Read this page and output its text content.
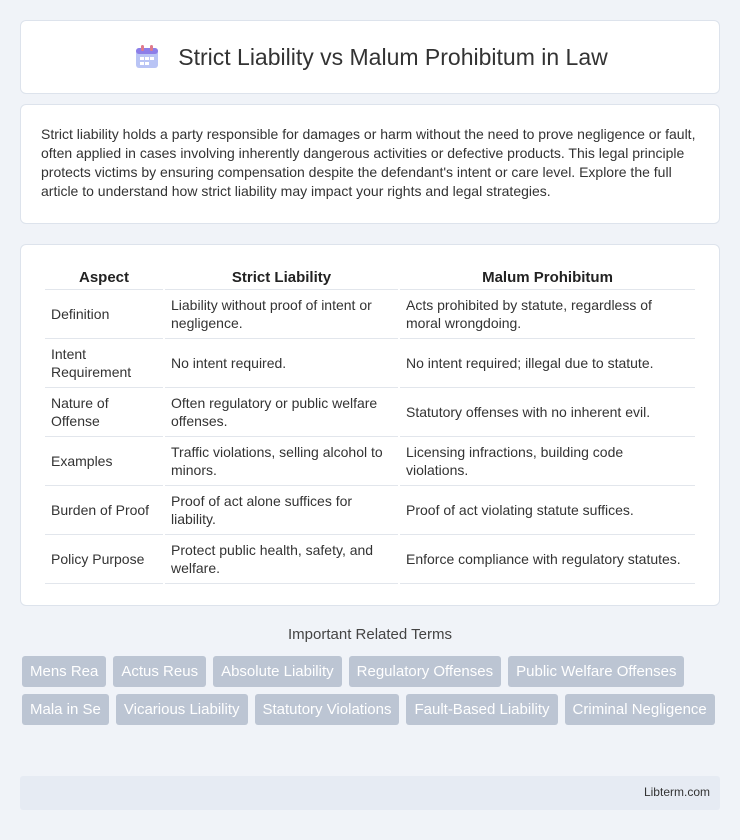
Strict Liability vs Malum Prohibitum in Law

Strict liability holds a party responsible for damages or harm without the need to prove negligence or fault, often applied in cases involving inherently dangerous activities or defective products. This legal principle protects victims by ensuring compensation despite the defendant's intent or care level. Explore the full article to understand how strict liability may impact your rights and legal strategies.

Aspect	Strict Liability	Malum Prohibitum
Definition	Liability without proof of intent or negligence.	Acts prohibited by statute, regardless of moral wrongdoing.
Intent Requirement	No intent required.	No intent required; illegal due to statute.
Nature of Offense	Often regulatory or public welfare offenses.	Statutory offenses with no inherent evil.
Examples	Traffic violations, selling alcohol to minors.	Licensing infractions, building code violations.
Burden of Proof	Proof of act alone suffices for liability.	Proof of act violating statute suffices.
Policy Purpose	Protect public health, safety, and welfare.	Enforce compliance with regulatory statutes.
Important Related Terms
Mens Rea	Actus Reus	Absolute Liability	Regulatory Offenses	Public Welfare Offenses
Mala in Se	Vicarious Liability	Statutory Violations	Fault-Based Liability	Criminal Negligence
Libterm.com
